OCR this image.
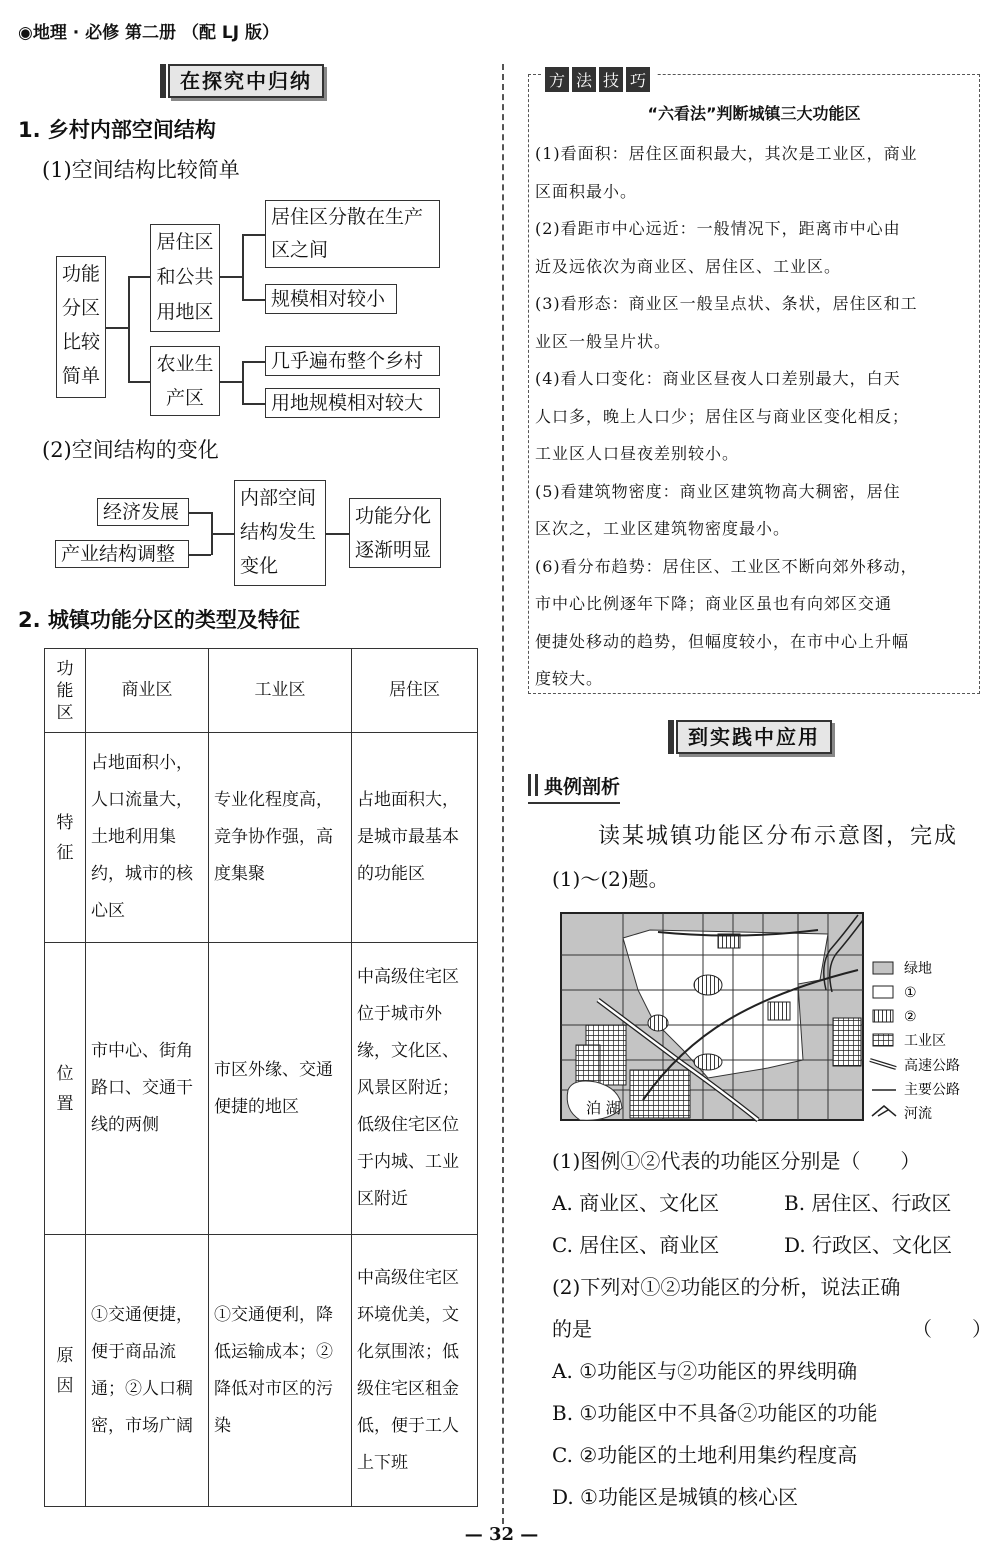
◉地理 · 必修 第二册 （配 LJ 版）
在探究中归纳
1. 乡村内部空间结构
(1)空间结构比较简单
功能
分区
比较
简单
居住区
和公共
用地区
农业生
产区
居住区分散在生产
区之间
规模相对较小
几乎遍布整个乡村
用地规模相对较大
(2)空间结构的变化
经济发展
产业结构调整
内部空间
结构发生
变化
功能分化
逐渐明显
2. 城镇功能分区的类型及特征
功能区	商业区	工业区	居住区
特征	占地面积小，人口流量大，土地利用集约，城市的核心区	专业化程度高，竞争协作强，高度集聚	占地面积大，是城市最基本的功能区
位置	市中心、街角路口、交通干线的两侧	市区外缘、交通便捷的地区	中高级住宅区位于城市外缘，文化区、风景区附近；低级住宅区位于内城、工业区附近
原因	①交通便捷，便于商品流通；②人口稠密，市场广阔	①交通便利，降低运输成本；②降低对市区的污染	中高级住宅区环境优美，文化氛围浓；低级住宅区租金低，便于工人上下班
方 法 技 巧
“六看法”判断城镇三大功能区
(1)看面积：居住区面积最大，其次是工业区，商业
区面积最小。
(2)看距市中心远近：一般情况下，距离市中心由
近及远依次为商业区、居住区、工业区。
(3)看形态：商业区一般呈点状、条状，居住区和工
业区一般呈片状。
(4)看人口变化：商业区昼夜人口差别最大，白天
人口多，晚上人口少；居住区与商业区变化相反；
工业区人口昼夜差别较小。
(5)看建筑物密度：商业区建筑物高大稠密，居住
区次之，工业区建筑物密度最小。
(6)看分布趋势：居住区、工业区不断向郊外移动，
市中心比例逐年下降；商业区虽也有向郊区交通
便捷处移动的趋势，但幅度较小，在市中心上升幅
度较大。
到实践中应用
典例剖析
读某城镇功能区分布示意图，完成
(1)～(2)题。
泊 湖
绿地
①
②
工业区
高速公路
主要公路
河流
(1)图例①②代表的功能区分别是（　　）
A. 商业区、文化区	B. 居住区、行政区
C. 居住区、商业区	D. 行政区、文化区
(2)下列对①②功能区的分析，说法正确
的是	（　　）
A. ①功能区与②功能区的界线明确
B. ①功能区中不具备②功能区的功能
C. ②功能区的土地利用集约程度高
D. ①功能区是城镇的核心区
— 32 —
